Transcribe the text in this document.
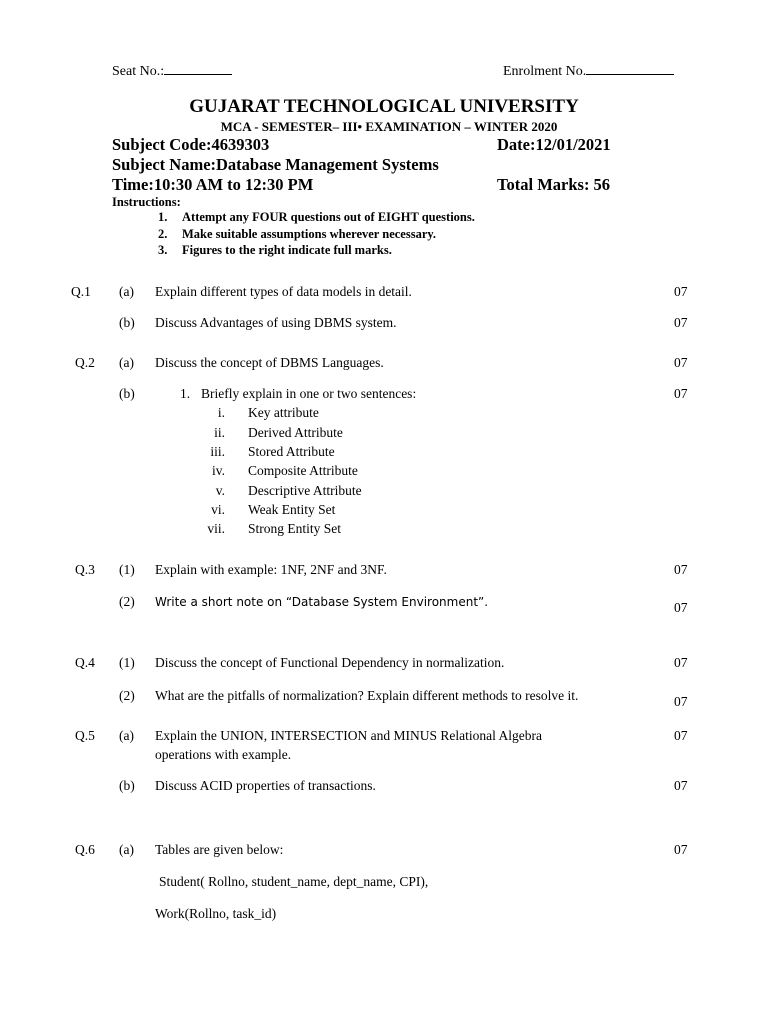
Seat No.:	Enrolment No.
GUJARAT TECHNOLOGICAL UNIVERSITY
MCA - SEMESTER– III• EXAMINATION – WINTER 2020
Subject Code:4639303	Date:12/01/2021
Subject Name:Database Management Systems
Time:10:30 AM to 12:30 PM	Total Marks: 56
Instructions:
1. Attempt any FOUR questions out of EIGHT questions.
2. Make suitable assumptions wherever necessary.
3. Figures to the right indicate full marks.
Q.1 (a) Explain different types of data models in detail.	07
(b) Discuss Advantages of using DBMS system.	07
Q.2 (a) Discuss the concept of DBMS Languages.	07
(b)	1. Briefly explain in one or two sentences:	07
i. Key attribute
ii. Derived Attribute
iii. Stored Attribute
iv. Composite Attribute
v. Descriptive Attribute
vi. Weak Entity Set
vii. Strong Entity Set
Q.3 (1) Explain with example: 1NF, 2NF and 3NF.	07
(2) Write a short note on “Database System Environment”.	07
Q.4 (1) Discuss the concept of Functional Dependency in normalization.	07
(2) What are the pitfalls of normalization? Explain different methods to resolve it.	07
Q.5 (a) Explain the UNION, INTERSECTION and MINUS Relational Algebra
operations with example.
07
(b) Discuss ACID properties of transactions.	07
Q.6 (a) Tables are given below:	07
Student( Rollno, student_name, dept_name, CPI),
Work(Rollno, task_id)
